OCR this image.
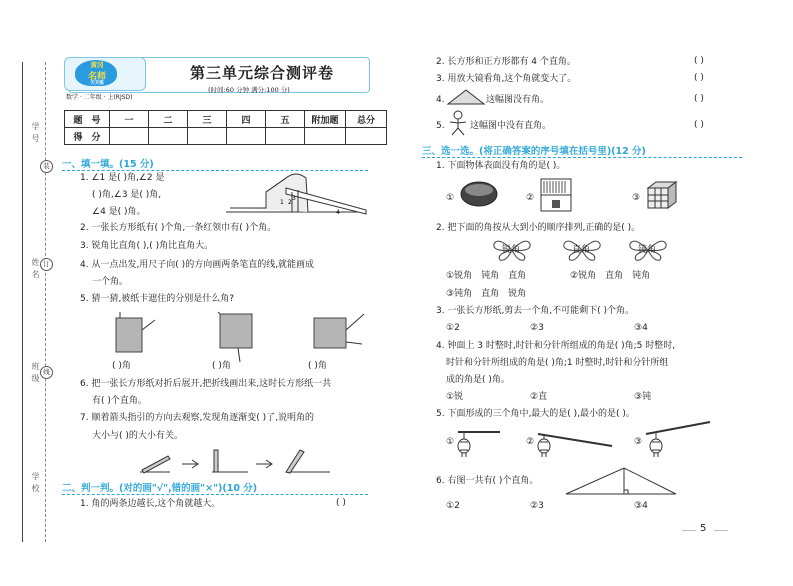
学
号
姓
名
班
级
学
校
装
订
线
黄冈
名师
天天练
数学 · 二年级 · 上(RJSD)
第三单元综合测评卷
(时间:60 分钟 满分:100 分)
题　号	一	二	三	四	五	附加题	总分
得　分							
一、填一填。(15 分)
1. ∠1 是( )角,∠2 是
( )角,∠3 是( )角,
∠4 是( )角。
1 2
3
4
2. 一张长方形纸有( )个角,一条红领巾有( )个角。
3. 锐角比直角( ),( )角比直角大。
4. 从一点出发,用尺子向( )的方向画两条笔直的线,就能画成
一个角。
5. 猜一猜,被纸卡遮住的分别是什么角?
( )角	( )角	( )角
6. 把一张长方形纸对折后展开,把折线画出来,这时长方形纸一共
有( )个直角。
7. 顺着箭头指引的方向去观察,发现角逐渐变( )了,说明角的
大小与( )的大小有关。
二、判一判。(对的画"√",错的画"×")(10 分)
1. 角的两条边越长,这个角就越大。	( )
2. 长方形和正方形都有 4 个直角。	( )
3. 用放大镜看角,这个角就变大了。	( )
4.	这幅图没有角。	( )
5.	这幅图中没有直角。	( )
三、选一选。(将正确答案的序号填在括号里)(12 分)
1. 下面物体表面没有角的是( )。
①	②	③
2. 把下面的角按从大到小的顺序排列,正确的是( )。
锐角	直角	钝角
①锐角　钝角　直角	②锐角　直角　钝角
③钝角　直角　锐角
3. 一张长方形纸,剪去一个角,不可能剩下( )个角。
①2	②3	③4
4. 钟面上 3 时整时,时针和分针所组成的角是( )角;5 时整时,
时针和分针所组成的角是( )角;1 时整时,时针和分针所组
成的角是( )角。
①锐	②直	③钝
5. 下面形成的三个角中,最大的是( ),最小的是( )。
①	②	③
6. 右图一共有( )个直角。
①2	②3	③4
5
